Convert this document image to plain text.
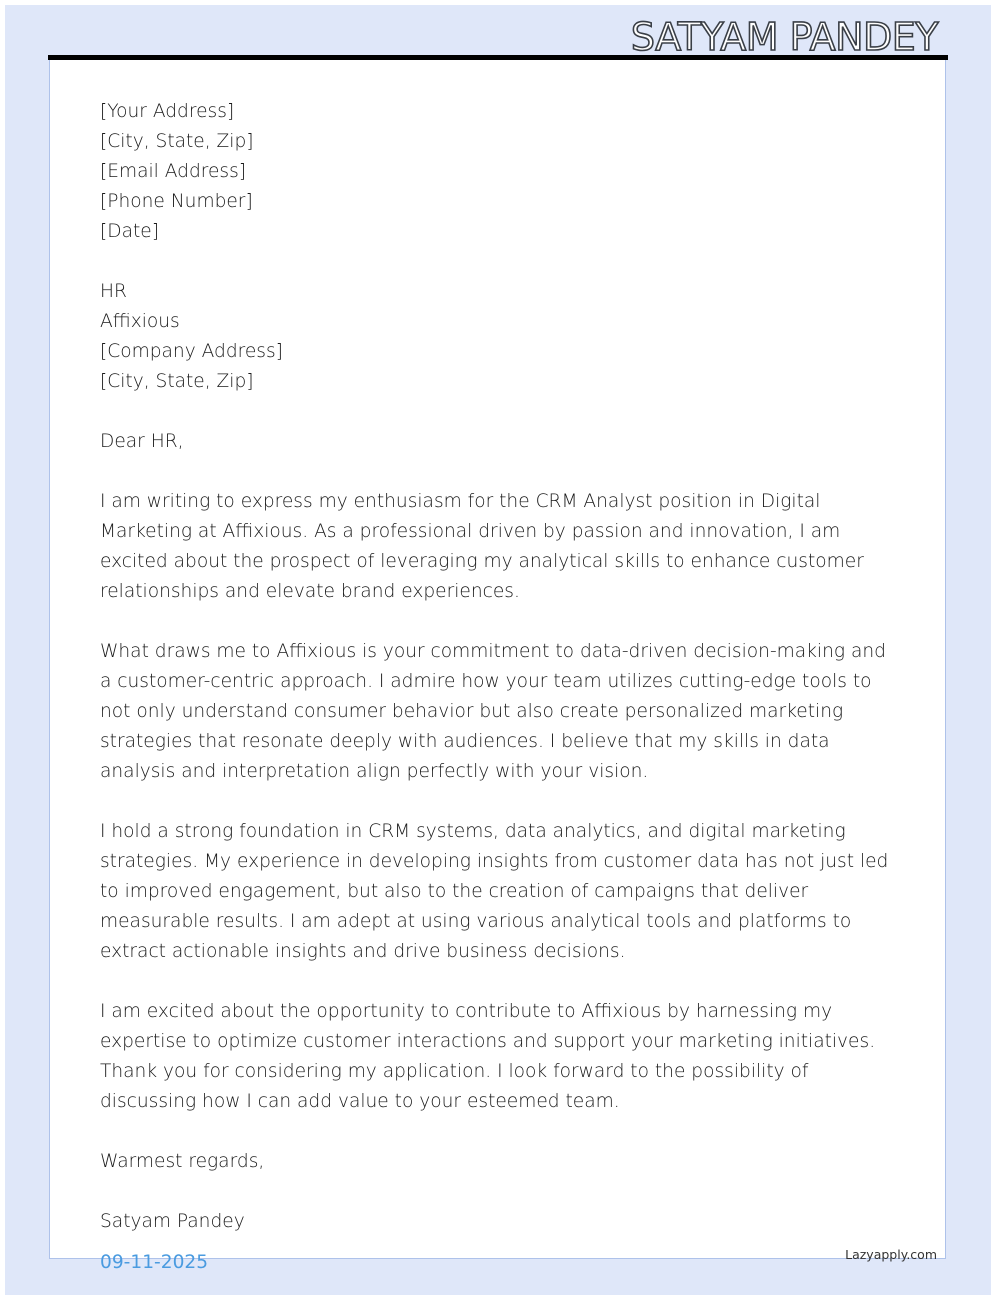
SATYAM PANDEY
[Your Address]
[City, State, Zip]
[Email Address]
[Phone Number]
[Date]
HR
Affixious
[Company Address]
[City, State, Zip]
Dear HR,
I am writing to express my enthusiasm for the CRM Analyst position in Digital Marketing at Affixious. As a professional driven by passion and innovation, I am excited about the prospect of leveraging my analytical skills to enhance customer relationships and elevate brand experiences.
What draws me to Affixious is your commitment to data-driven decision-making and a customer-centric approach. I admire how your team utilizes cutting-edge tools to not only understand consumer behavior but also create personalized marketing strategies that resonate deeply with audiences. I believe that my skills in data analysis and interpretation align perfectly with your vision.
I hold a strong foundation in CRM systems, data analytics, and digital marketing strategies. My experience in developing insights from customer data has not just led to improved engagement, but also to the creation of campaigns that deliver measurable results. I am adept at using various analytical tools and platforms to extract actionable insights and drive business decisions.
I am excited about the opportunity to contribute to Affixious by harnessing my expertise to optimize customer interactions and support your marketing initiatives. Thank you for considering my application. I look forward to the possibility of discussing how I can add value to your esteemed team.
Warmest regards,
Satyam Pandey
09-11-2025	Lazyapply.com
